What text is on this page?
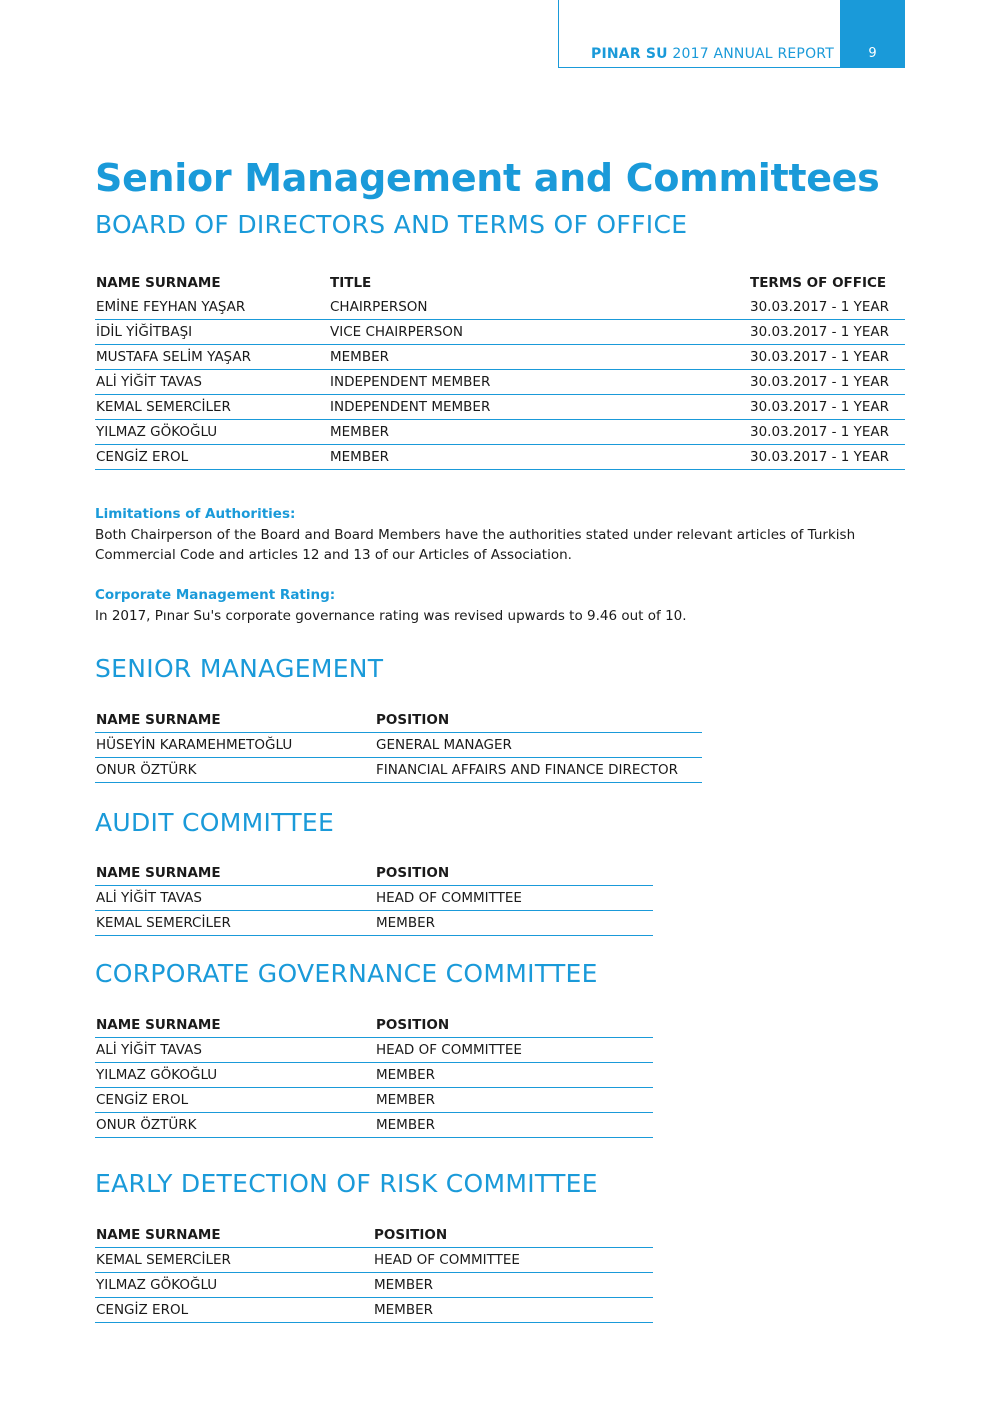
PINAR SU 2017 ANNUAL REPORT	9
Senior Management and Committees
BOARD OF DIRECTORS AND TERMS OF OFFICE
NAME SURNAME	TITLE	TERMS OF OFFICE
EMİNE FEYHAN YAŞAR	CHAIRPERSON	30.03.2017 - 1 YEAR
İDİL YİĞİTBAŞI	VICE CHAIRPERSON	30.03.2017 - 1 YEAR
MUSTAFA SELİM YAŞAR	MEMBER	30.03.2017 - 1 YEAR
ALİ YİĞİT TAVAS	INDEPENDENT MEMBER	30.03.2017 - 1 YEAR
KEMAL SEMERCİLER	INDEPENDENT MEMBER	30.03.2017 - 1 YEAR
YILMAZ GÖKOĞLU	MEMBER	30.03.2017 - 1 YEAR
CENGİZ EROL	MEMBER	30.03.2017 - 1 YEAR

Limitations of Authorities:

Both Chairperson of the Board and Board Members have the authorities stated under relevant articles of Turkish Commercial Code and articles 12 and 13 of our Articles of Association.

Corporate Management Rating:

In 2017, Pınar Su's corporate governance rating was revised upwards to 9.46 out of 10.

SENIOR MANAGEMENT
NAME SURNAME	POSITION
HÜSEYİN KARAMEHMETOĞLU	GENERAL MANAGER
ONUR ÖZTÜRK	FINANCIAL AFFAIRS AND FINANCE DIRECTOR
AUDIT COMMITTEE
NAME SURNAME	POSITION
ALİ YİĞİT TAVAS	HEAD OF COMMITTEE
KEMAL SEMERCİLER	MEMBER
CORPORATE GOVERNANCE COMMITTEE
NAME SURNAME	POSITION
ALİ YİĞİT TAVAS	HEAD OF COMMITTEE
YILMAZ GÖKOĞLU	MEMBER
CENGİZ EROL	MEMBER
ONUR ÖZTÜRK	MEMBER
EARLY DETECTION OF RISK COMMITTEE
NAME SURNAME	POSITION
KEMAL SEMERCİLER	HEAD OF COMMITTEE
YILMAZ GÖKOĞLU	MEMBER
CENGİZ EROL	MEMBER
